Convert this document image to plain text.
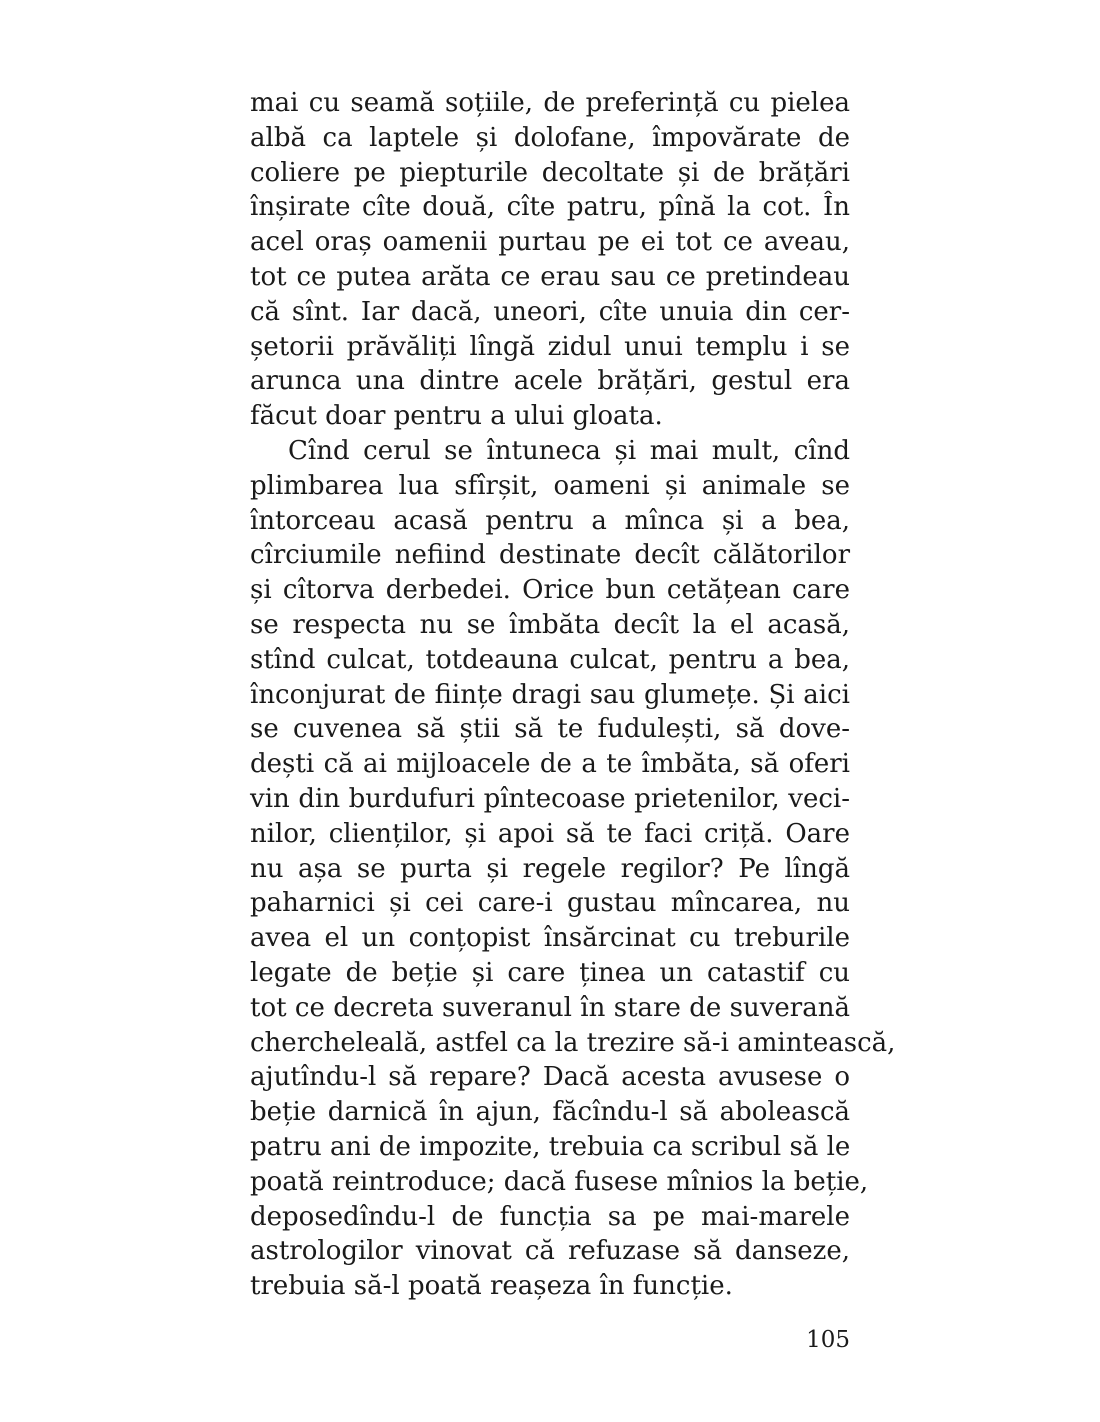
mai cu seamă soțiile, de preferință cu pielea
albă ca laptele și dolofane, împovărate de
coliere pe piepturile decoltate și de brățări
înșirate cîte două, cîte patru, pînă la cot. În
acel oraș oamenii purtau pe ei tot ce aveau,
tot ce putea arăta ce erau sau ce pretindeau
că sînt. Iar dacă, uneori, cîte unuia din cer-
șetorii prăvăliți lîngă zidul unui templu i se
arunca una dintre acele brățări, gestul era
făcut doar pentru a ului gloata.
Cînd cerul se întuneca și mai mult, cînd
plimbarea lua sfîrșit, oameni și animale se
întorceau acasă pentru a mînca și a bea,
cîrciumile nefiind destinate decît călătorilor
și cîtorva derbedei. Orice bun cetățean care
se respecta nu se îmbăta decît la el acasă,
stînd culcat, totdeauna culcat, pentru a bea,
înconjurat de ființe dragi sau glumețe. Și aici
se cuvenea să știi să te fudulești, să dove-
dești că ai mijloacele de a te îmbăta, să oferi
vin din burdufuri pîntecoase prietenilor, veci-
nilor, clienților, și apoi să te faci criță. Oare
nu așa se purta și regele regilor? Pe lîngă
paharnici și cei care-i gustau mîncarea, nu
avea el un conțopist însărcinat cu treburile
legate de beție și care ținea un catastif cu
tot ce decreta suveranul în stare de suverană
chercheleală, astfel ca la trezire să-i amintească,
ajutîndu-l să repare? Dacă acesta avusese o
beție darnică în ajun, făcîndu-l să abolească
patru ani de impozite, trebuia ca scribul să le
poată reintroduce; dacă fusese mînios la beție,
deposedîndu-l de funcția sa pe mai-marele
astrologilor vinovat că refuzase să danseze,
trebuia să-l poată reașeza în funcție.
105
